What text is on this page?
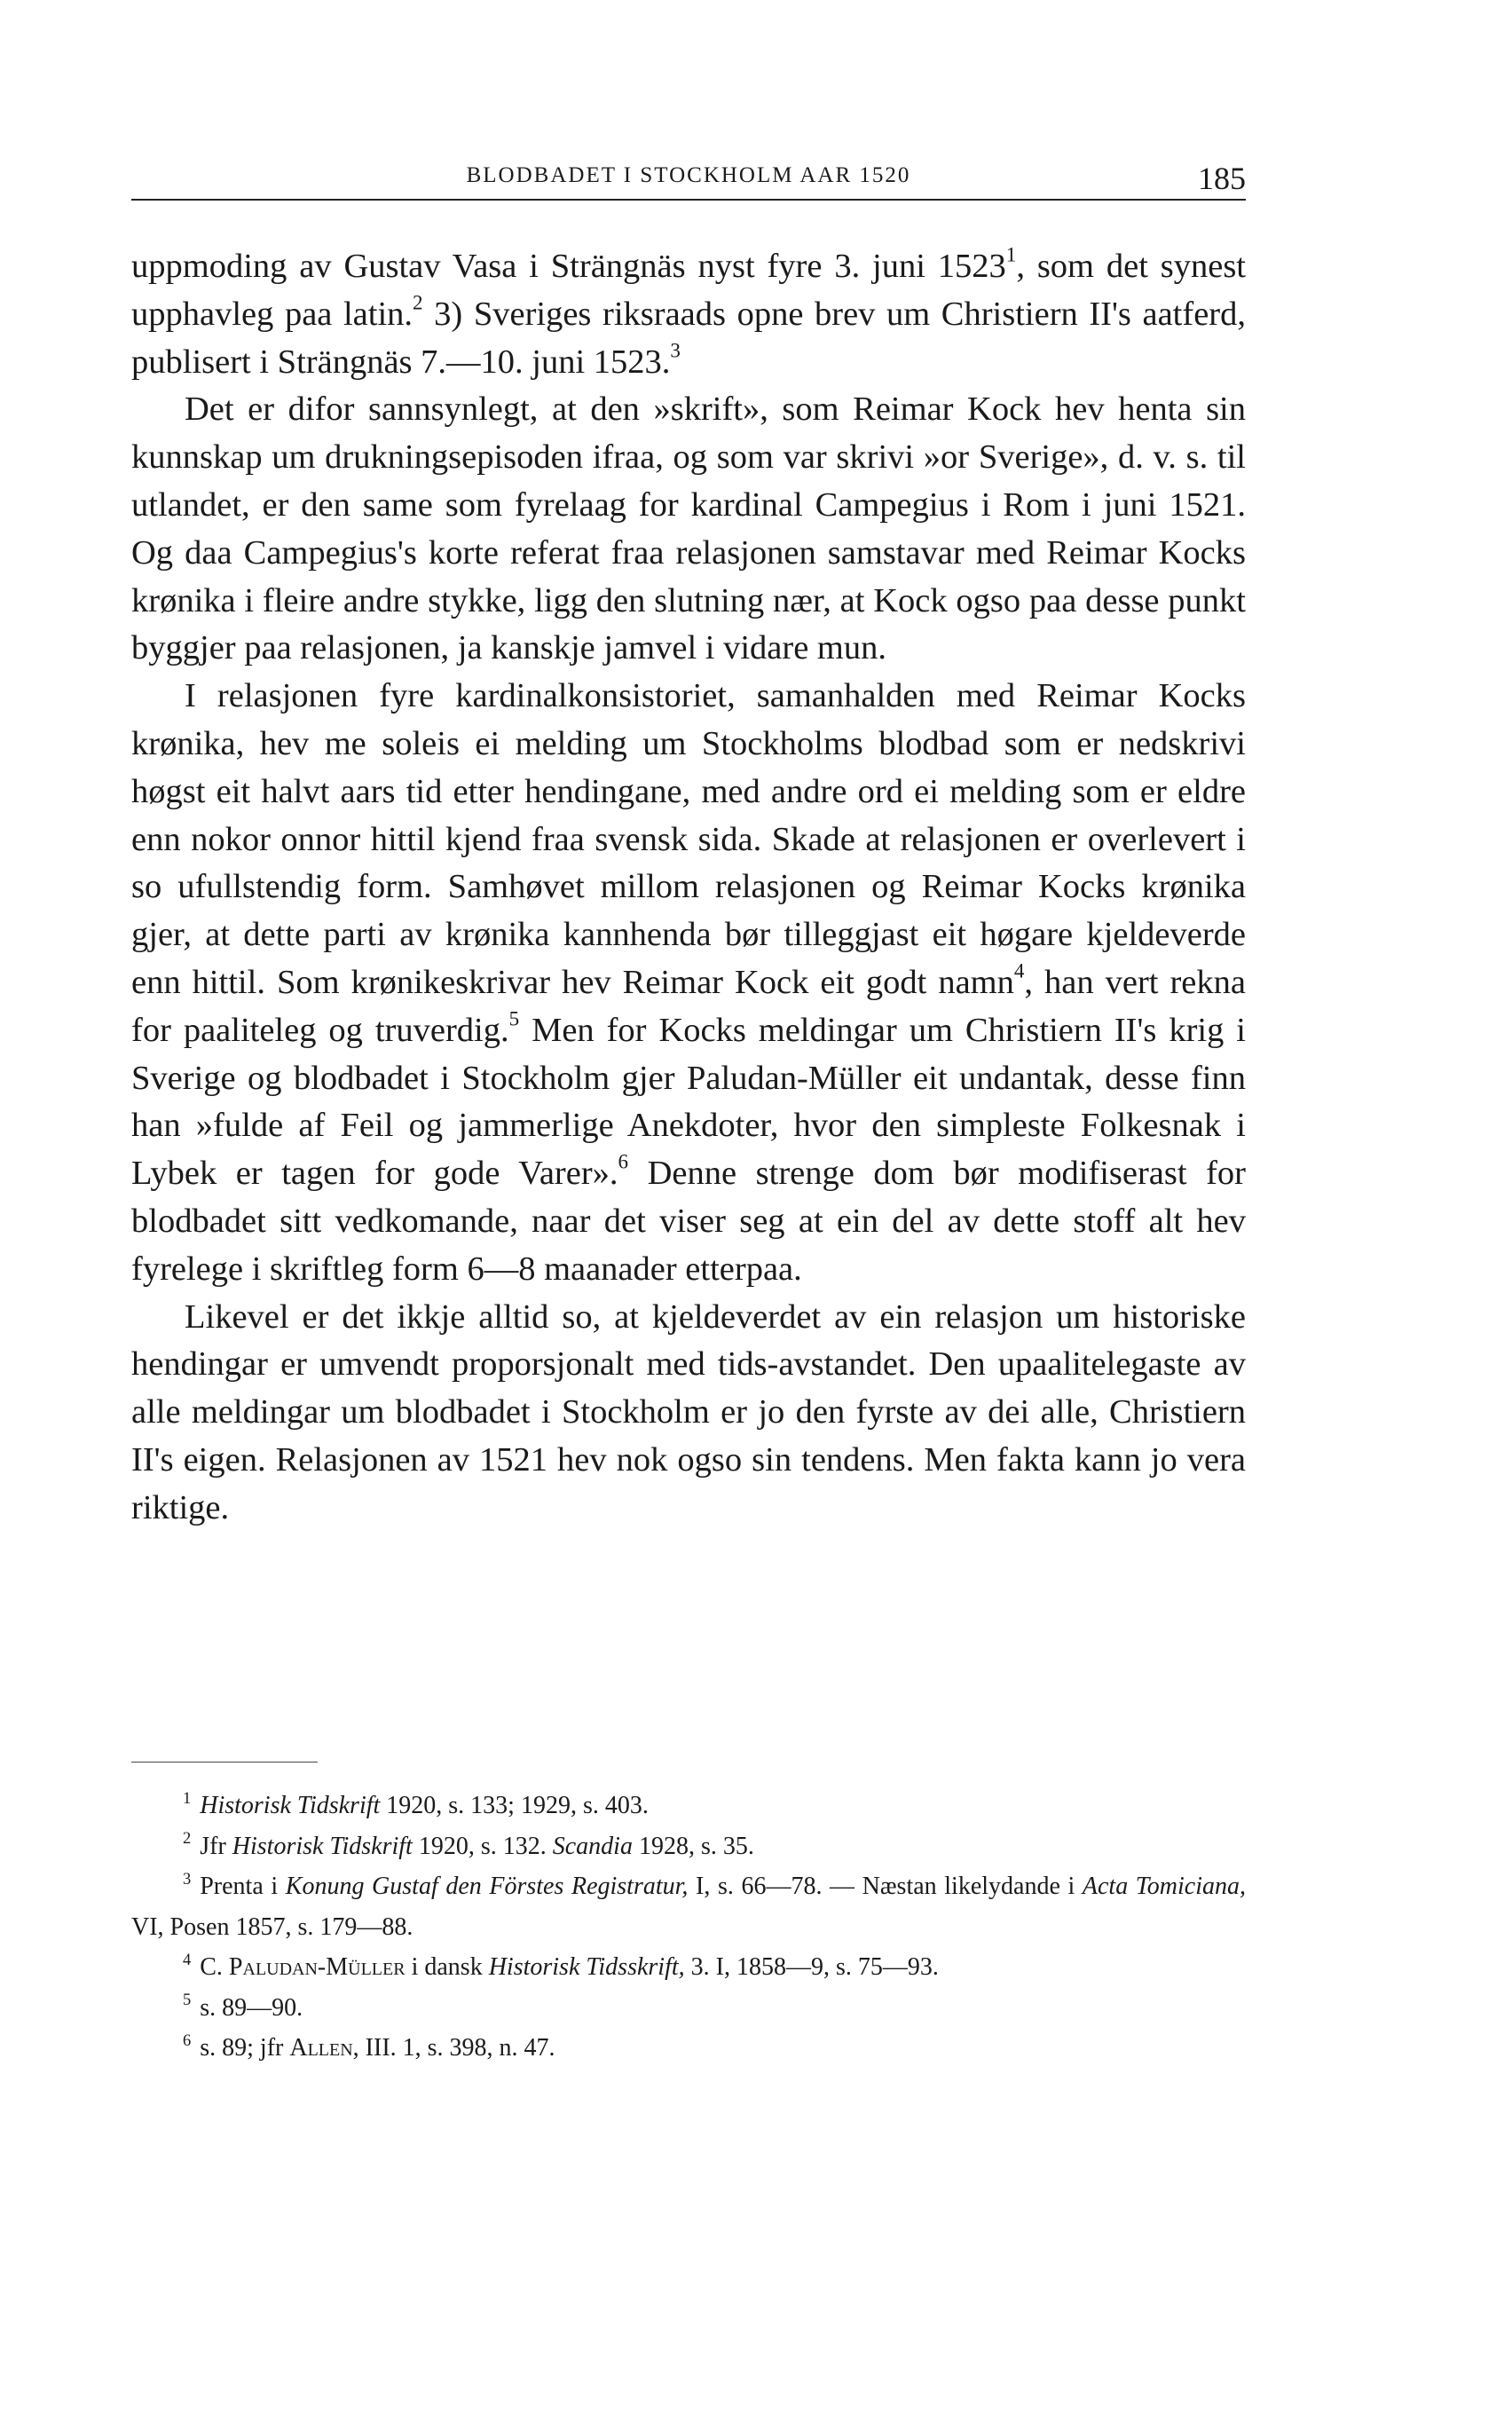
BLODBADET I STOCKHOLM AAR 1520	185

uppmoding av Gustav Vasa i Strängnäs nyst fyre 3. juni 1523$^1$, som det synest upphavleg paa latin.$^2$ 3) Sveriges riksraads opne brev um Christiern II's aatferd, publisert i Strängnäs 7.—10. juni 1523.$^3$

Det er difor sannsynlegt, at den »skrift», som Reimar Kock hev henta sin kunnskap um drukningsepisoden ifraa, og som var skrivi »or Sverige», d. v. s. til utlandet, er den same som fyrelaag for kardinal Campegius i Rom i juni 1521. Og daa Campegius's korte referat fraa relasjonen samstavar med Reimar Kocks krønika i fleire andre stykke, ligg den slutning nær, at Kock ogso paa desse punkt byggjer paa relasjonen, ja kanskje jamvel i vidare mun.

I relasjonen fyre kardinalkonsistoriet, samanhalden med Reimar Kocks krønika, hev me soleis ei melding um Stockholms blodbad som er nedskrivi høgst eit halvt aars tid etter hendingane, med andre ord ei melding som er eldre enn nokor onnor hittil kjend fraa svensk sida. Skade at relasjonen er overlevert i so ufullstendig form. Samhøvet millom relasjonen og Reimar Kocks krønika gjer, at dette parti av krønika kannhenda bør tilleggjast eit høgare kjeldeverde enn hittil. Som krønikeskrivar hev Reimar Kock eit godt namn$^4$, han vert rekna for paaliteleg og truverdig.$^5$ Men for Kocks meldingar um Christiern II's krig i Sverige og blodbadet i Stockholm gjer Paludan-Müller eit undantak, desse finn han »fulde af Feil og jammerlige Anekdoter, hvor den simpleste Folkesnak i Lybek er tagen for gode Varer».$^6$ Denne strenge dom bør modifiserast for blodbadet sitt vedkomande, naar det viser seg at ein del av dette stoff alt hev fyrelege i skriftleg form 6—8 maanader etterpaa.

Likevel er det ikkje alltid so, at kjeldeverdet av ein relasjon um historiske hendingar er umvendt proporsjonalt med tids-avstandet. Den upaalitelegaste av alle meldingar um blodbadet i Stockholm er jo den fyrste av dei alle, Christiern II's eigen. Relasjonen av 1521 hev nok ogso sin tendens. Men fakta kann jo vera riktige.

$^1$ Historisk Tidskrift 1920, s. 133; 1929, s. 403.

$^2$ Jfr Historisk Tidskrift 1920, s. 132. Scandia 1928, s. 35.

$^3$ Prenta i Konung Gustaf den Förstes Registratur, I, s. 66—78. — Næstan likelydande i Acta Tomiciana, VI, Posen 1857, s. 179—88.

$^4$ C. Paludan-Müller i dansk Historisk Tidsskrift, 3. I, 1858—9, s. 75—93.

$^5$ s. 89—90.

$^6$ s. 89; jfr Allen, III. 1, s. 398, n. 47.
